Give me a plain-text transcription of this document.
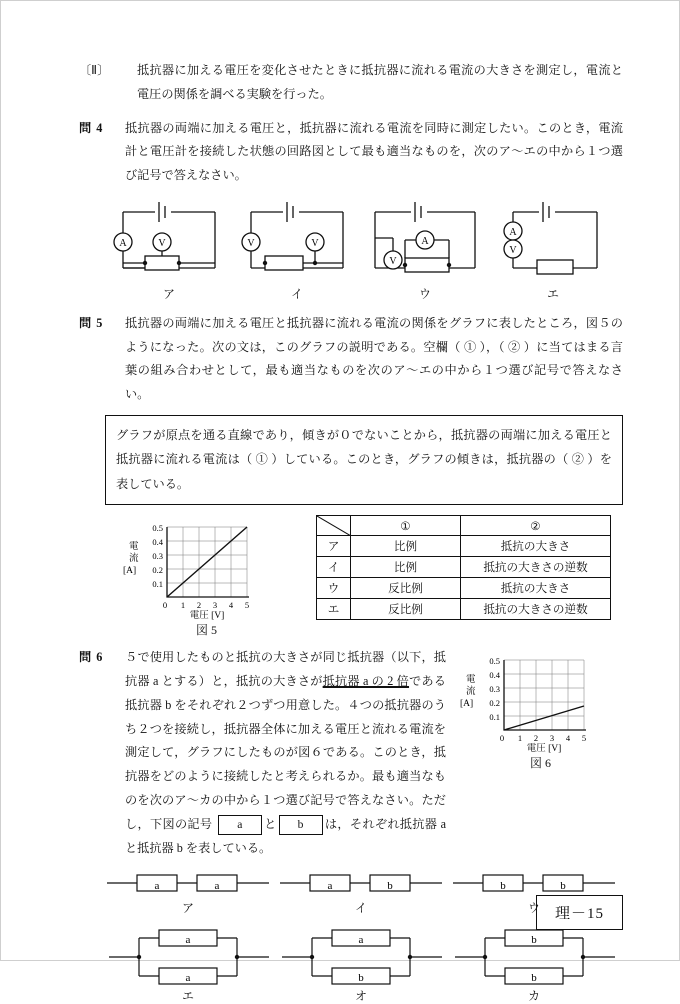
〔Ⅱ〕	抵抗器に加える電圧を変化させたときに抵抗器に流れる電流の大きさを測定し，電流と電圧の関係を調べる実験を行った。
問 4	抵抗器の両端に加える電圧と，抵抗器に流れる電流を同時に測定したい。このとき，電流計と電圧計を接続した状態の回路図として最も適当なものを，次のア～エの中から１つ選び記号で答えなさい。
A	V
ア
V	V
イ
A
V
ウ
A
V
エ
問 5	抵抗器の両端に加える電圧と抵抗器に流れる電流の関係をグラフに表したところ，図５のようになった。次の文は，このグラフの説明である。空欄（ ① ），（ ② ）に当てはまる言葉の組み合わせとして，最も適当なものを次のア～エの中から１つ選び記号で答えなさい。
グラフが原点を通る直線であり，傾きが０でないことから，抵抗器の両端に加える電圧と抵抗器に流れる電流は（ ① ）している。このとき，グラフの傾きは，抵抗器の（ ② ）を表している。
電
流
[A]
0.5
0.4
0.3
0.2
0.1
0 1 2 3 4 5
電圧 [V]
図 5
	①	②
ア	比例	抵抗の大きさ
イ	比例	抵抗の大きさの逆数
ウ	反比例	抵抗の大きさ
エ	反比例	抵抗の大きさの逆数
電
流
[A]
0.5
0.4
0.3
0.2
0.1
0 1 2 3 4 5
電圧 [V]
図 6
問 6	５で使用したものと抵抗の大きさが同じ抵抗器（以下，抵抗器 a とする）と，抵抗の大きさが抵抗器 a の 2 倍である抵抗器 b をそれぞれ２つずつ用意した。４つの抵抗器のうち２つを接続し，抵抗器全体に加える電圧と流れる電流を測定して，グラフにしたものが図６である。このとき，抵抗器をどのように接続したと考えられるか。最も適当なものを次のア～カの中から１つ選び記号で答えなさい。ただし，下図の記号 a と b は，それぞれ抵抗器 a と抵抗器 b を表している。
a	a
ア
a	b
イ
b	b
ウ
a
a
エ
a
b
オ
b
b
カ
理－15
